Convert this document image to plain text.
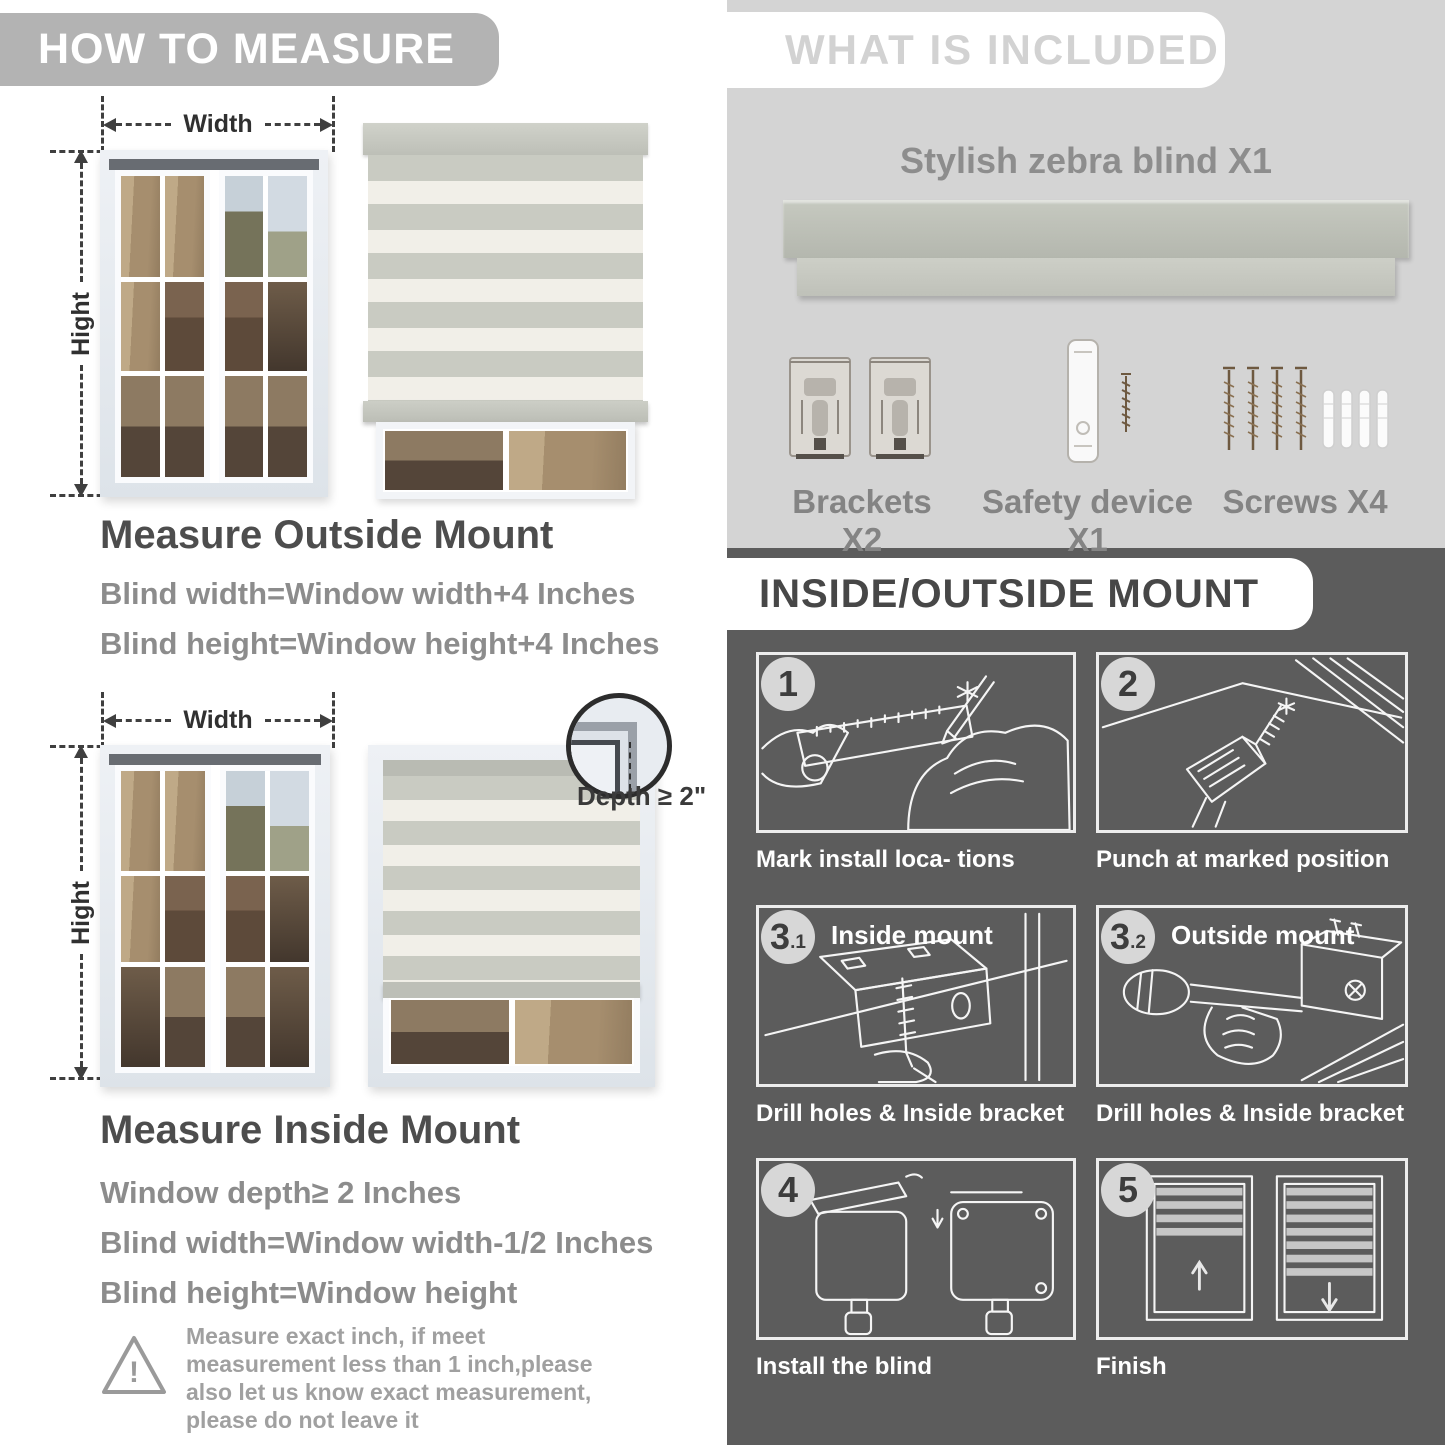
HOW TO MEASURE
Width
Hight
Measure Outside Mount
Blind width=Window width+4 Inches
Blind height=Window height+4 Inches
Width
Hight
Depth ≥ 2"
Measure Inside Mount
Window depth≥ 2 Inches
Blind width=Window width-1/2 Inches
Blind height=Window height
!
Measure exact inch, if meet measurement less than 1 inch,please also let us know exact measurement, please do not leave it
WHAT IS INCLUDED
Stylish zebra blind X1
Brackets X2
Safety device X1
Screws X4
INSIDE/OUTSIDE MOUNT
1
Mark install loca- tions
2
Punch at marked position
3 .1 Inside mount
Drill holes & Inside bracket
3 .2 Outside mount
Drill holes & Inside bracket
4
Install the blind
5
Finish
